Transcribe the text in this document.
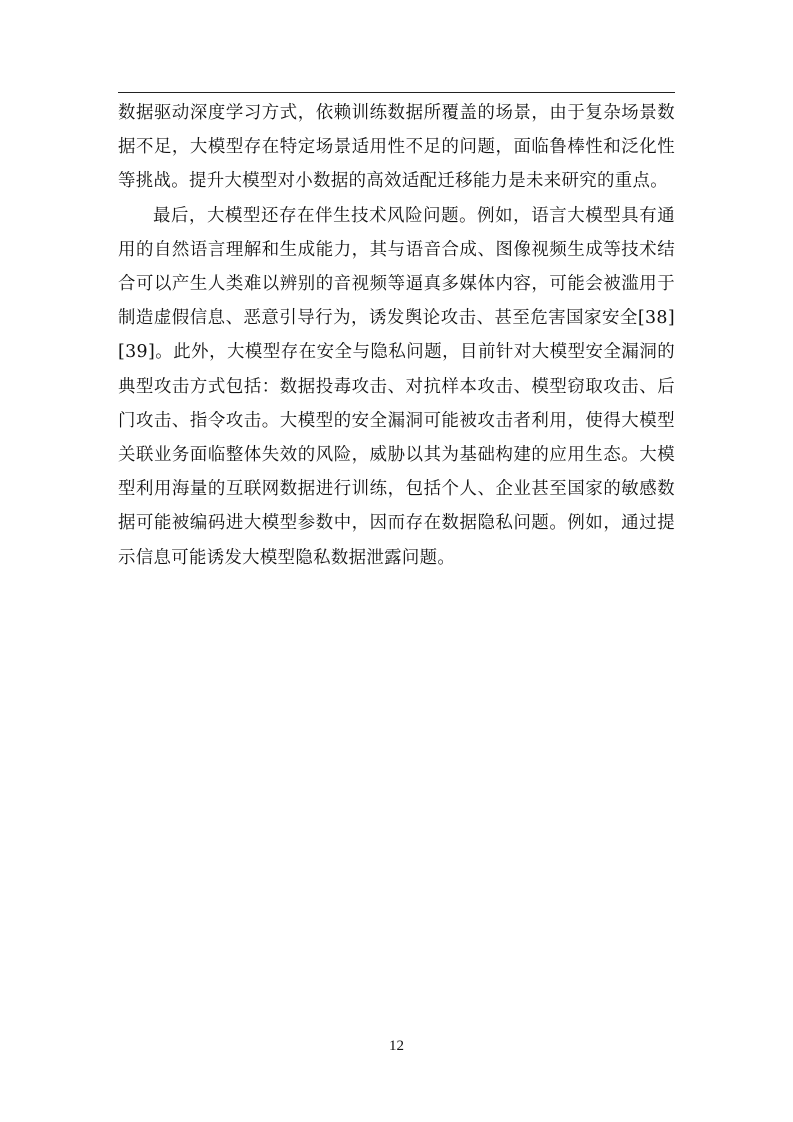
数据驱动深度学习方式，依赖训练数据所覆盖的场景，由于复杂场景数据不足，大模型存在特定场景适用性不足的问题，面临鲁棒性和泛化性等挑战。提升大模型对小数据的高效适配迁移能力是未来研究的重点。

最后，大模型还存在伴生技术风险问题。例如，语言大模型具有通用的自然语言理解和生成能力，其与语音合成、图像视频生成等技术结合可以产生人类难以辨别的音视频等逼真多媒体内容，可能会被滥用于制造虚假信息、恶意引导行为，诱发舆论攻击、甚至危害国家安全[38][39]。此外，大模型存在安全与隐私问题，目前针对大模型安全漏洞的典型攻击方式包括：数据投毒攻击、对抗样本攻击、模型窃取攻击、后门攻击、指令攻击。大模型的安全漏洞可能被攻击者利用，使得大模型关联业务面临整体失效的风险，威胁以其为基础构建的应用生态。大模型利用海量的互联网数据进行训练，包括个人、企业甚至国家的敏感数据可能被编码进大模型参数中，因而存在数据隐私问题。例如，通过提示信息可能诱发大模型隐私数据泄露问题。

12
